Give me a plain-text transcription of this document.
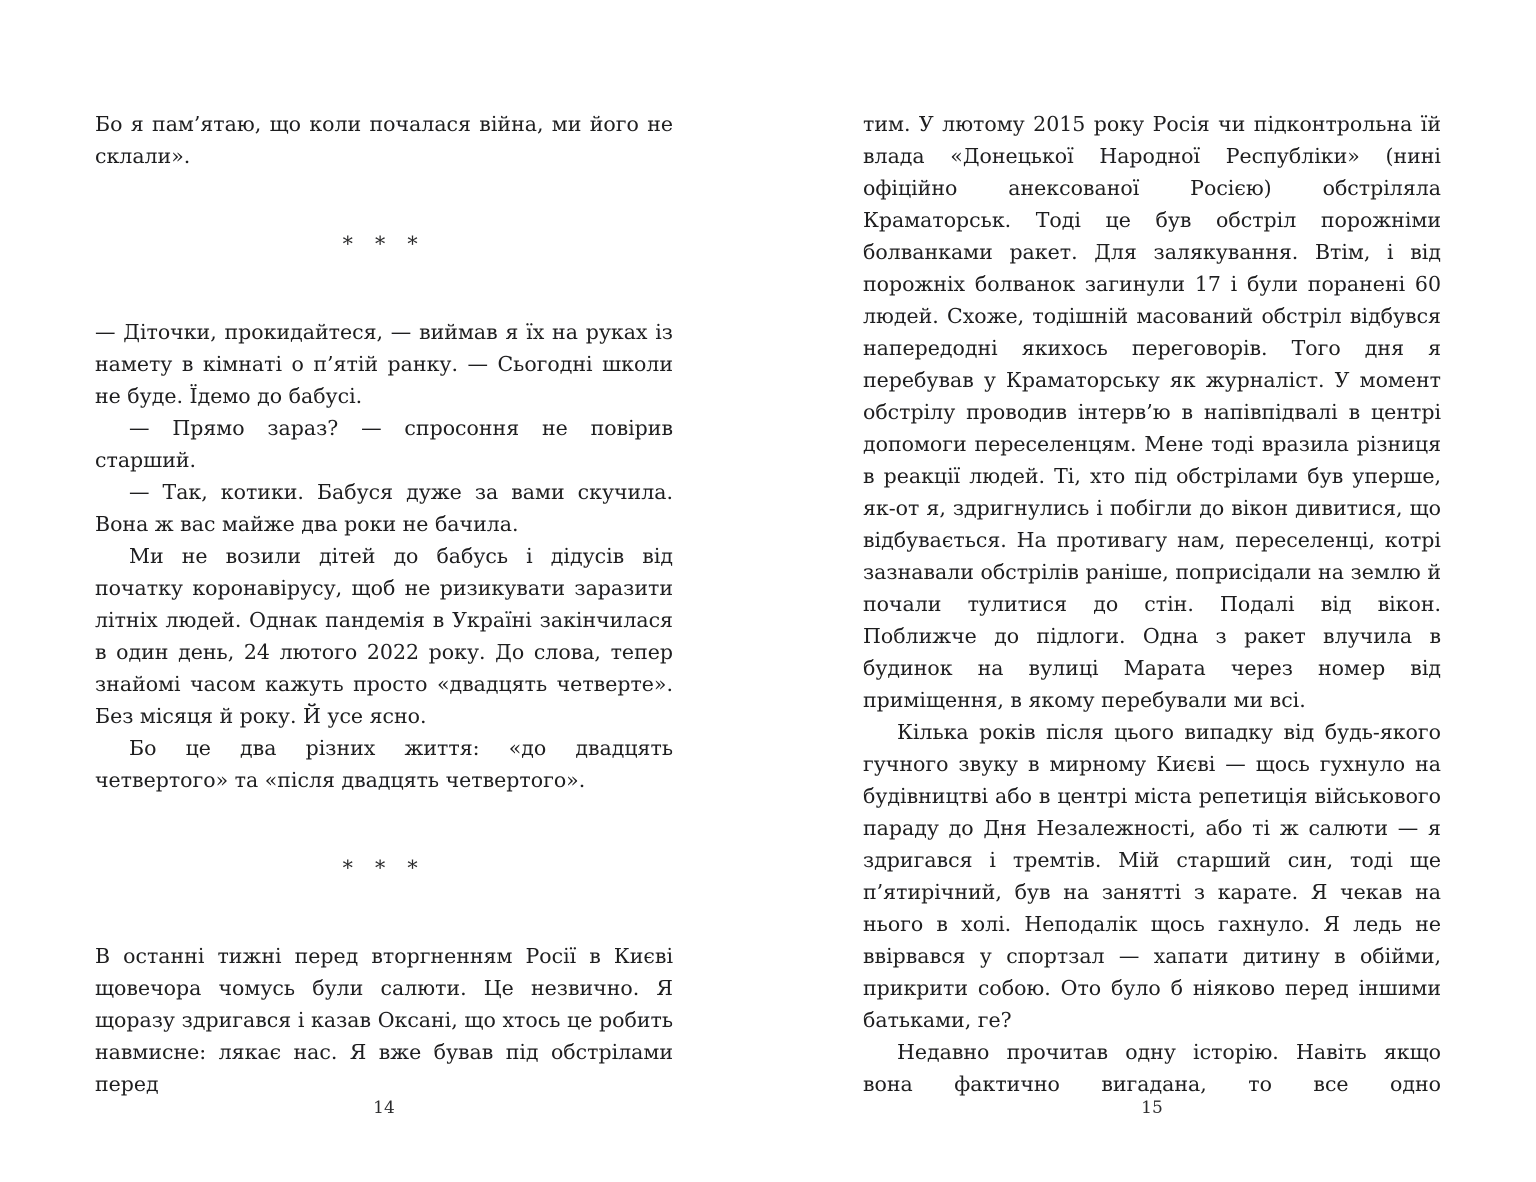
Бо я пам’ятаю, що коли почалася війна, ми його не склали».

* * *

— Діточки, прокидайтеся, — виймав я їх на руках із намету в кімнаті о п’ятій ранку. — Сьогодні школи не буде. Їдемо до бабусі.

— Прямо зараз? — спросоння не повірив старший.

— Так, котики. Бабуся дуже за вами скучила. Вона ж вас майже два роки не бачила.

Ми не возили дітей до бабусь і дідусів від початку коронавірусу, щоб не ризикувати заразити літніх людей. Однак пандемія в Україні закінчилася в один день, 24 лютого 2022 року. До слова, тепер знайомі часом кажуть просто «двадцять четверте». Без місяця й року. Й усе ясно.

Бо це два різних життя: «до двадцять четвертого» та «після двадцять четвертого».

* * *

В останні тижні перед вторгненням Росії в Києві щовечора чомусь були салюти. Це незвично. Я щоразу здригався і казав Оксані, що хтось це робить навмисне: лякає нас. Я вже бував під обстрілами перед

14

тим. У лютому 2015 року Росія чи підконтрольна їй влада «Донецької Народної Республіки» (нині офіційно анексованої Росією) обстріляла Краматорськ. Тоді це був обстріл порожніми болванками ракет. Для залякування. Втім, і від порожніх болванок загинули 17 і були поранені 60 людей. Схоже, тодішній масований обстріл відбувся напередодні якихось переговорів. Того дня я перебував у Краматорську як журналіст. У момент обстрілу проводив інтерв’ю в напівпідвалі в центрі допомоги переселенцям. Мене тоді вразила різниця в реакції людей. Ті, хто під обстрілами був уперше, як-от я, здригнулись і побігли до вікон дивитися, що відбувається. На противагу нам, переселенці, котрі зазнавали обстрілів раніше, поприсідали на землю й почали тулитися до стін. Подалі від вікон. Поближче до підлоги. Одна з ракет влучила в будинок на вулиці Марата через номер від приміщення, в якому перебували ми всі.

Кілька років після цього випадку від будь-якого гучного звуку в мирному Києві — щось гухнуло на будівництві або в центрі міста репетиція військового параду до Дня Незалежності, або ті ж салюти — я здригався і тремтів. Мій старший син, тоді ще п’ятирічний, був на занятті з карате. Я чекав на нього в холі. Неподалік щось гахнуло. Я ледь не ввірвався у спортзал — хапати дитину в обійми, прикрити собою. Ото було б ніяково перед іншими батьками, ге?

Недавно прочитав одну історію. Навіть якщо вона фактично вигадана, то все одно

15
